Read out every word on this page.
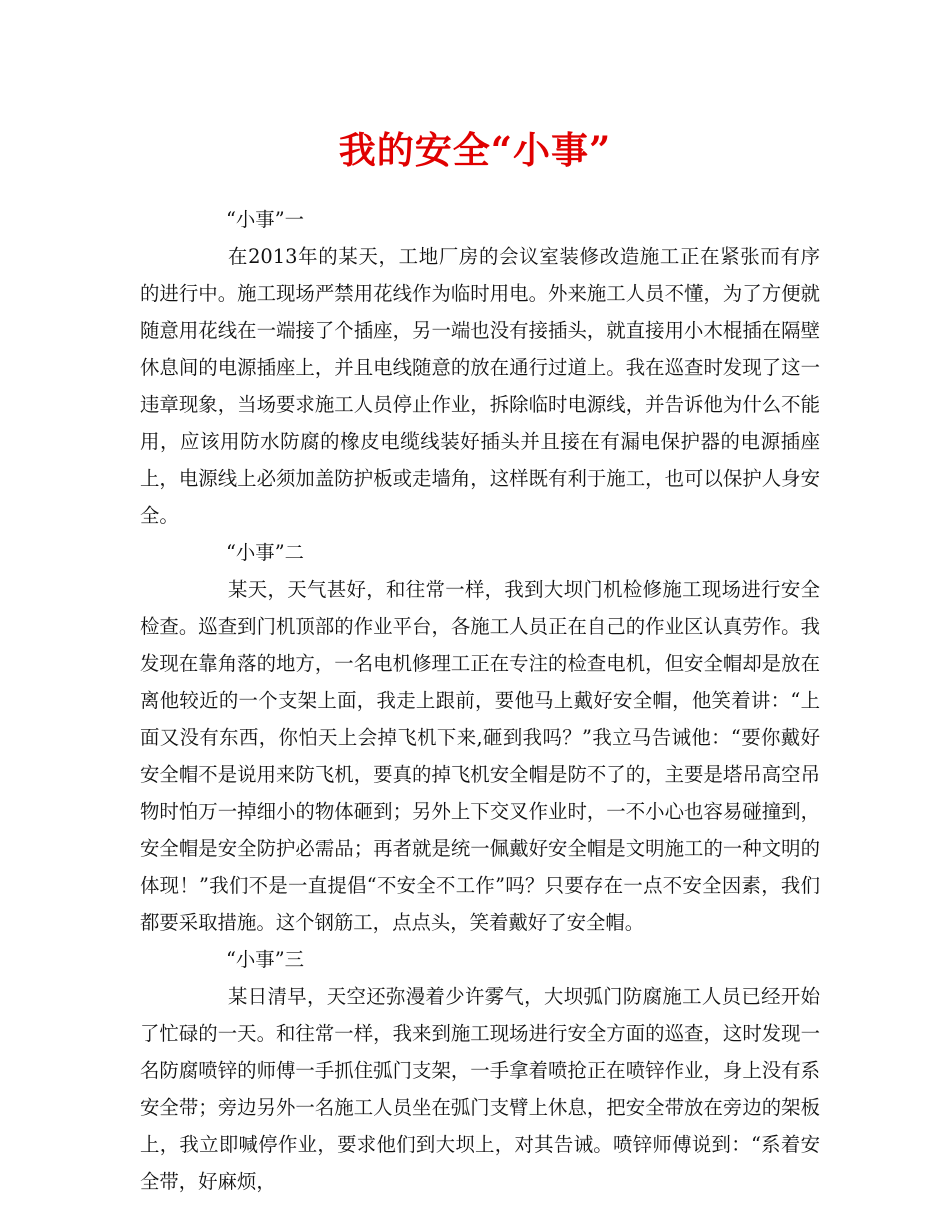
我的安全“小事”

“小事”一

在2013年的某天，工地厂房的会议室装修改造施工正在紧张而有序的进行中。施工现场严禁用花线作为临时用电。外来施工人员不懂，为了方便就随意用花线在一端接了个插座，另一端也没有接插头，就直接用小木棍插在隔壁休息间的电源插座上，并且电线随意的放在通行过道上。我在巡查时发现了这一违章现象，当场要求施工人员停止作业，拆除临时电源线，并告诉他为什么不能用，应该用防水防腐的橡皮电缆线装好插头并且接在有漏电保护器的电源插座上，电源线上必须加盖防护板或走墙角，这样既有利于施工，也可以保护人身安全。

“小事”二

某天，天气甚好，和往常一样，我到大坝门机检修施工现场进行安全检查。巡查到门机顶部的作业平台，各施工人员正在自己的作业区认真劳作。我发现在靠角落的地方，一名电机修理工正在专注的检查电机，但安全帽却是放在离他较近的一个支架上面，我走上跟前，要他马上戴好安全帽，他笑着讲：“上面又没有东西，你怕天上会掉飞机下来,砸到我吗？”我立马告诫他：“要你戴好安全帽不是说用来防飞机，要真的掉飞机安全帽是防不了的，主要是塔吊高空吊物时怕万一掉细小的物体砸到；另外上下交叉作业时，一不小心也容易碰撞到，安全帽是安全防护必需品；再者就是统一佩戴好安全帽是文明施工的一种文明的体现！”我们不是一直提倡“不安全不工作”吗？只要存在一点不安全因素，我们都要采取措施。这个钢筋工，点点头，笑着戴好了安全帽。

“小事”三

某日清早，天空还弥漫着少许雾气，大坝弧门防腐施工人员已经开始了忙碌的一天。和往常一样，我来到施工现场进行安全方面的巡查，这时发现一名防腐喷锌的师傅一手抓住弧门支架，一手拿着喷抢正在喷锌作业，身上没有系安全带；旁边另外一名施工人员坐在弧门支臂上休息，把安全带放在旁边的架板上，我立即喊停作业，要求他们到大坝上，对其告诫。喷锌师傅说到：“系着安全带，好麻烦，
